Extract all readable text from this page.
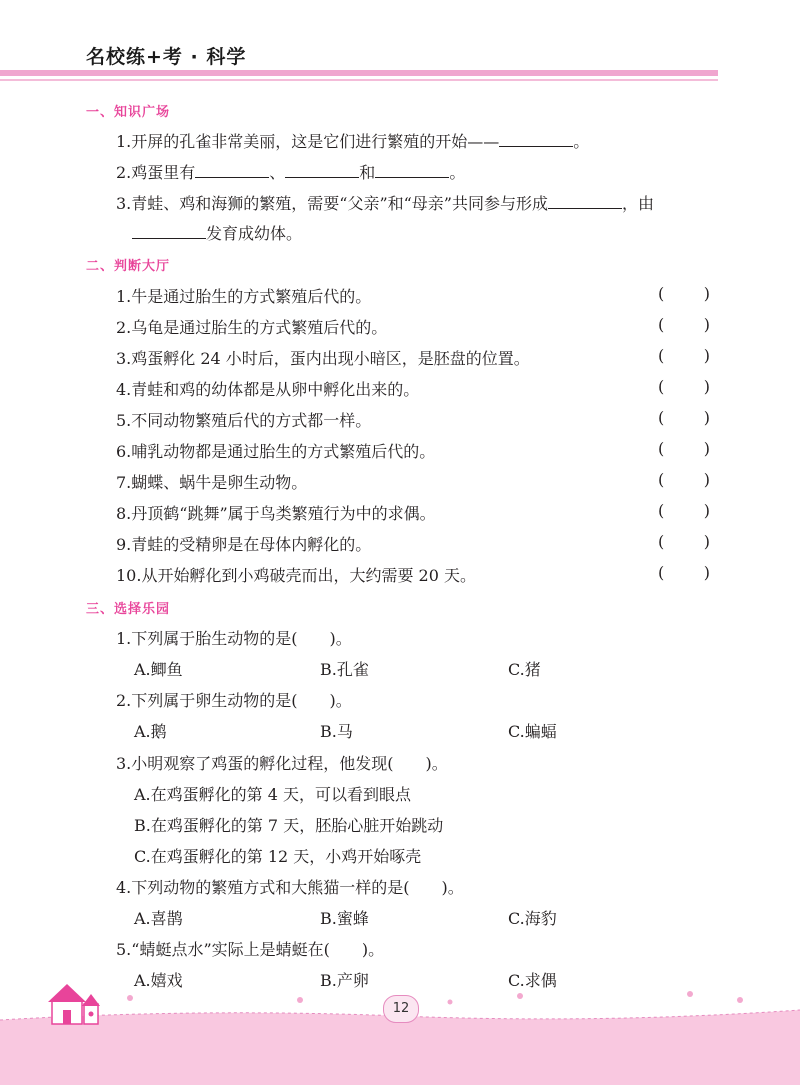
名校练+考 · 科学
一、知识广场
1.开屏的孔雀非常美丽，这是它们进行繁殖的开始——	。
2.鸡蛋里有	、	和	。
3.青蛙、鸡和海狮的繁殖，需要“父亲”和“母亲”共同参与形成	，由
发育成幼体。
二、判断大厅
1.牛是通过胎生的方式繁殖后代的。	( )
2.乌龟是通过胎生的方式繁殖后代的。	( )
3.鸡蛋孵化 24 小时后，蛋内出现小暗区，是胚盘的位置。	( )
4.青蛙和鸡的幼体都是从卵中孵化出来的。	( )
5.不同动物繁殖后代的方式都一样。	( )
6.哺乳动物都是通过胎生的方式繁殖后代的。	( )
7.蝴蝶、蜗牛是卵生动物。	( )
8.丹顶鹤“跳舞”属于鸟类繁殖行为中的求偶。	( )
9.青蛙的受精卵是在母体内孵化的。	( )
10.从开始孵化到小鸡破壳而出，大约需要 20 天。	( )
三、选择乐园
1.下列属于胎生动物的是(　　)。
A.鲫鱼	B.孔雀	C.猪
2.下列属于卵生动物的是(　　)。
A.鹅	B.马	C.蝙蝠
3.小明观察了鸡蛋的孵化过程，他发现(　　)。
A.在鸡蛋孵化的第 4 天，可以看到眼点
B.在鸡蛋孵化的第 7 天，胚胎心脏开始跳动
C.在鸡蛋孵化的第 12 天，小鸡开始啄壳
4.下列动物的繁殖方式和大熊猫一样的是(　　)。
A.喜鹊	B.蜜蜂	C.海豹
5.“蜻蜓点水”实际上是蜻蜓在(　　)。
A.嬉戏	B.产卵	C.求偶
12
